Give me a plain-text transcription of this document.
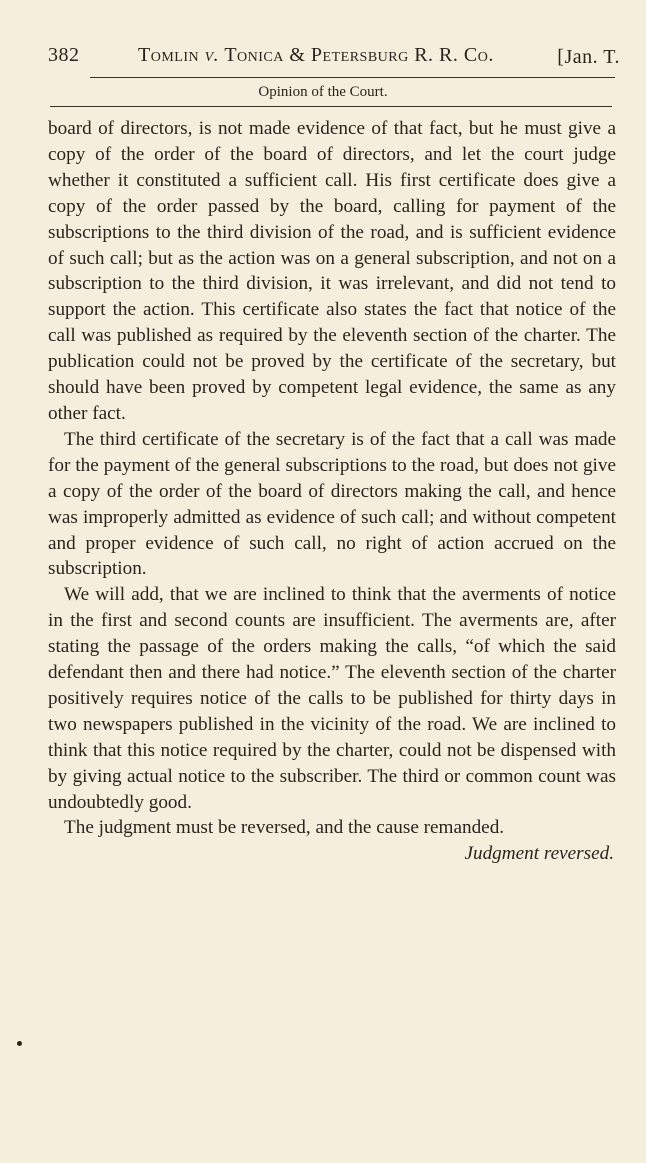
382	Tomlin v. Tonica & Petersburg R. R. Co.	[Jan. T.
Opinion of the Court.

board of directors, is not made evidence of that fact, but he must give a copy of the order of the board of directors, and let the court judge whether it constituted a sufficient call. His first certificate does give a copy of the order passed by the board, calling for payment of the subscriptions to the third division of the road, and is sufficient evidence of such call; but as the action was on a general subscription, and not on a subscription to the third division, it was irrelevant, and did not tend to support the action. This certificate also states the fact that notice of the call was published as required by the eleventh section of the charter. The publication could not be proved by the certificate of the secretary, but should have been proved by competent legal evidence, the same as any other fact.

The third certificate of the secretary is of the fact that a call was made for the payment of the general subscriptions to the road, but does not give a copy of the order of the board of directors making the call, and hence was improperly admitted as evidence of such call; and without competent and proper evidence of such call, no right of action accrued on the subscription.

We will add, that we are inclined to think that the averments of notice in the first and second counts are insufficient. The averments are, after stating the passage of the orders making the calls, “of which the said defendant then and there had notice.” The eleventh section of the charter positively requires notice of the calls to be published for thirty days in two newspapers published in the vicinity of the road. We are inclined to think that this notice required by the charter, could not be dispensed with by giving actual notice to the subscriber. The third or common count was undoubtedly good.

The judgment must be reversed, and the cause remanded.

Judgment reversed.
